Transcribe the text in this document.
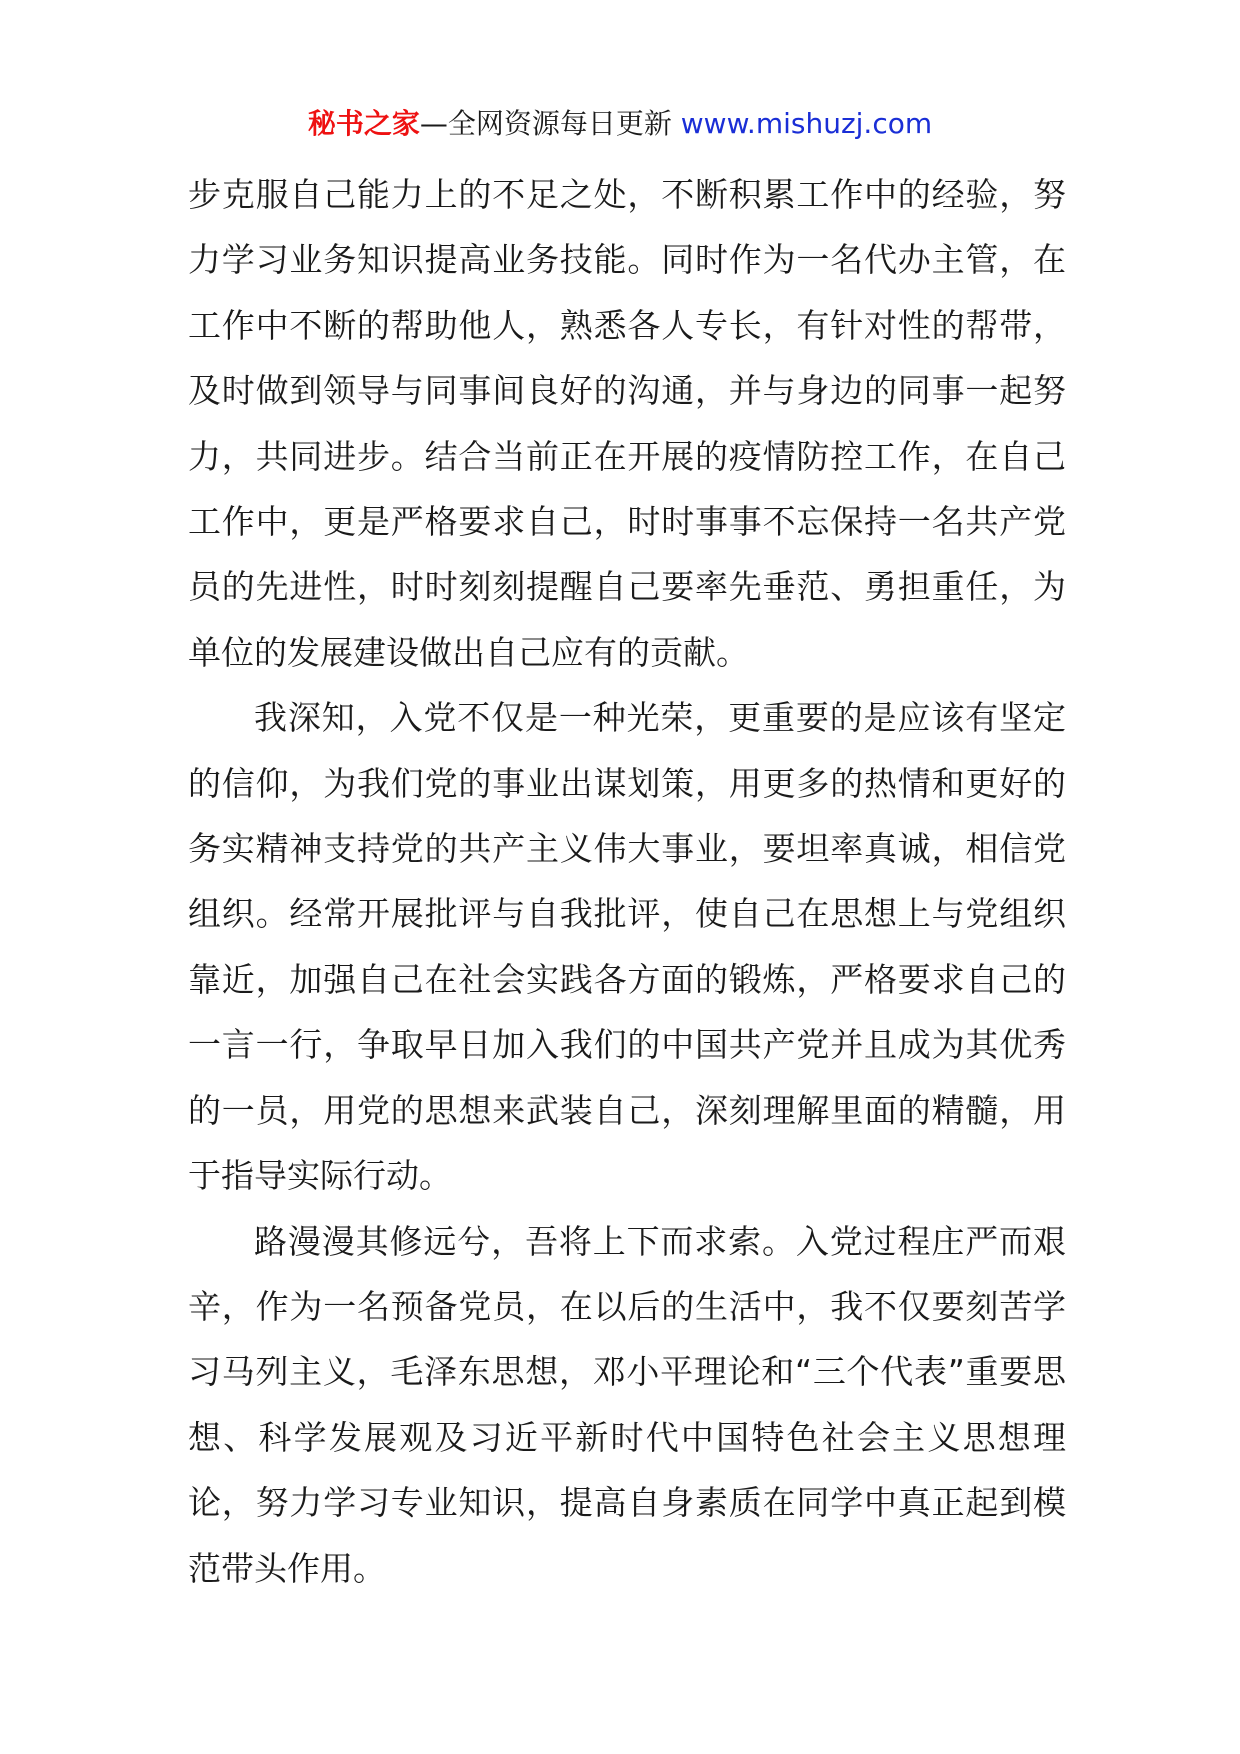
秘书之家—全网资源每日更新 www.mishuzj.com

步克服自己能力上的不足之处，不断积累工作中的经验，努力学习业务知识提高业务技能。同时作为一名代办主管，在工作中不断的帮助他人，熟悉各人专长，有针对性的帮带，及时做到领导与同事间良好的沟通，并与身边的同事一起努力，共同进步。结合当前正在开展的疫情防控工作，在自己工作中，更是严格要求自己，时时事事不忘保持一名共产党员的先进性，时时刻刻提醒自己要率先垂范、勇担重任，为单位的发展建设做出自己应有的贡献。

我深知，入党不仅是一种光荣，更重要的是应该有坚定的信仰，为我们党的事业出谋划策，用更多的热情和更好的务实精神支持党的共产主义伟大事业，要坦率真诚，相信党组织。经常开展批评与自我批评，使自己在思想上与党组织靠近，加强自己在社会实践各方面的锻炼，严格要求自己的一言一行，争取早日加入我们的中国共产党并且成为其优秀的一员，用党的思想来武装自己，深刻理解里面的精髓，用于指导实际行动。

路漫漫其修远兮，吾将上下而求索。入党过程庄严而艰辛，作为一名预备党员，在以后的生活中，我不仅要刻苦学习马列主义，毛泽东思想，邓小平理论和“三个代表”重要思想、科学发展观及习近平新时代中国特色社会主义思想理论，努力学习专业知识，提高自身素质在同学中真正起到模范带头作用。
